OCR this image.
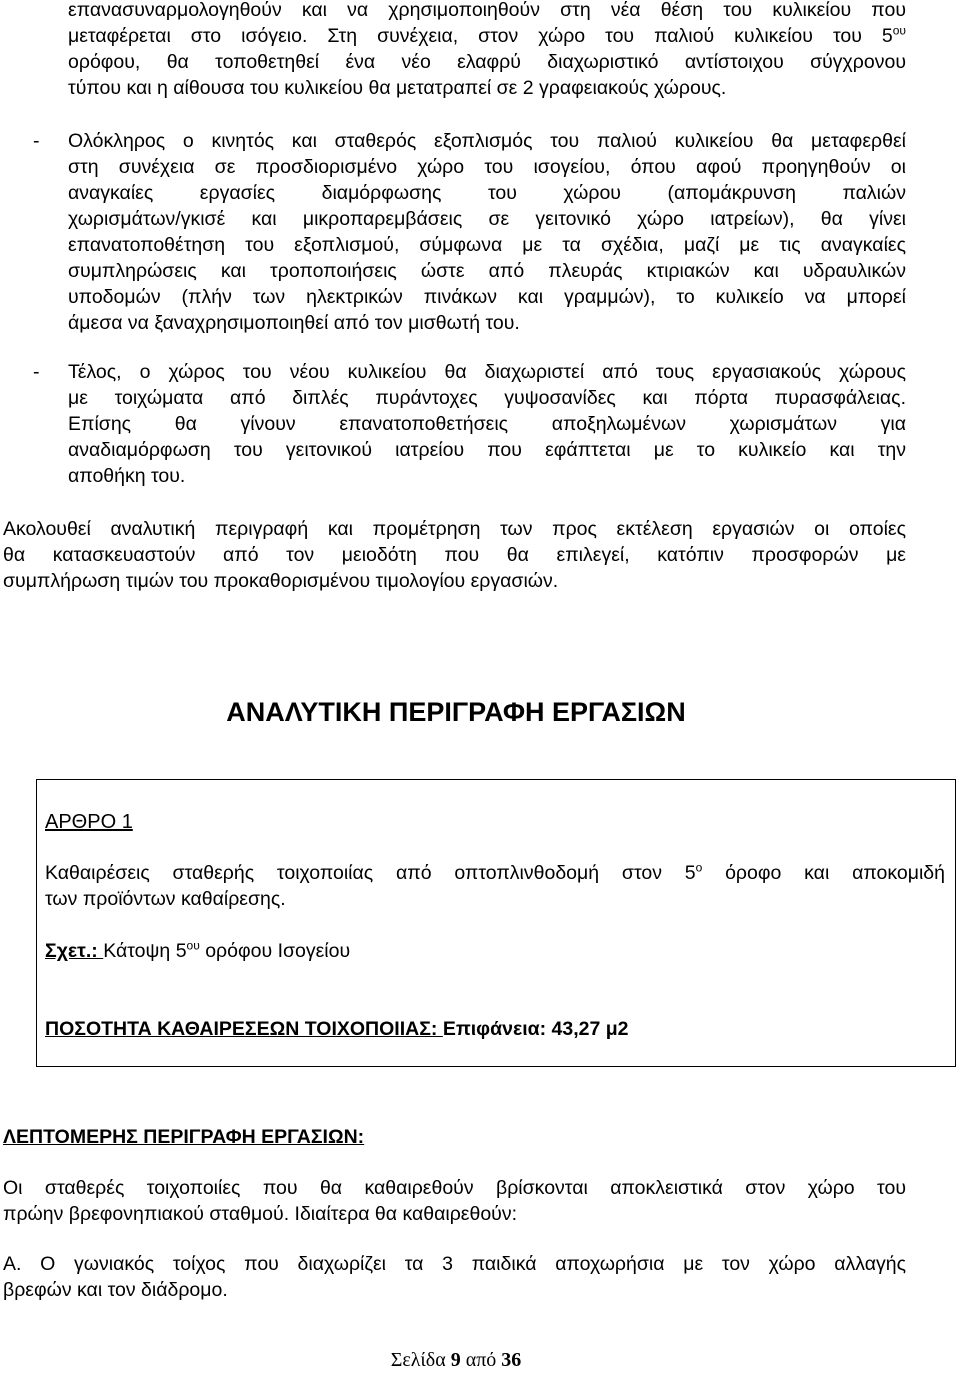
επανασυναρμολογηθούν και να χρησιμοποιηθούν στη νέα θέση του κυλικείου που
μεταφέρεται στο ισόγειο. Στη συνέχεια, στον χώρο του παλιού κυλικείου του $5^{o\upsilon}$
ορόφου, θα τοποθετηθεί ένα νέο ελαφρύ διαχωριστικό αντίστοιχου σύγχρονου
τύπου και η αίθουσα του κυλικείου θα μετατραπεί σε 2 γραφειακούς χώρους.
- Ολόκληρος ο κινητός και σταθερός εξοπλισμός του παλιού κυλικείου θα μεταφερθεί
στη συνέχεια σε προσδιορισμένο χώρο του ισογείου, όπου αφού προηγηθούν οι
αναγκαίες εργασίες διαμόρφωσης του χώρου (απομάκρυνση παλιών
χωρισμάτων/γκισέ και μικροπαρεμβάσεις σε γειτονικό χώρο ιατρείων), θα γίνει
επανατοποθέτηση του εξοπλισμού, σύμφωνα με τα σχέδια, μαζί με τις αναγκαίες
συμπληρώσεις και τροποποιήσεις ώστε από πλευράς κτιριακών και υδραυλικών
υποδομών (πλήν των ηλεκτρικών πινάκων και γραμμών), το κυλικείο να μπορεί
άμεσα να ξαναχρησιμοποιηθεί από τον μισθωτή του.
- Τέλος, ο χώρος του νέου κυλικείου θα διαχωριστεί από τους εργασιακούς χώρους
με τοιχώματα από διπλές πυράντοχες γυψοσανίδες και πόρτα πυρασφάλειας.
Επίσης θα γίνουν επανατοποθετήσεις αποξηλωμένων χωρισμάτων για
αναδιαμόρφωση του γειτονικού ιατρείου που εφάπτεται με το κυλικείο και την
αποθήκη του.
Ακολουθεί αναλυτική περιγραφή και προμέτρηση των προς εκτέλεση εργασιών οι οποίες
θα κατασκευαστούν από τον μειοδότη που θα επιλεγεί, κατόπιν προσφορών με
συμπλήρωση τιμών του προκαθορισμένου τιμολογίου εργασιών.
ΑΝΑΛΥΤΙΚΗ ΠΕΡΙΓΡΑΦΗ ΕΡΓΑΣΙΩΝ
ΑΡΘΡΟ 1
Καθαιρέσεις σταθερής τοιχοποιίας από οπτοπλινθοδομή στον $5^o$ όροφο και αποκομιδή
των προϊόντων καθαίρεσης.
Σχετ.: Κάτοψη $5^{o\upsilon}$ ορόφου Ισογείου
ΠΟΣΟΤΗΤΑ ΚΑΘΑΙΡΕΣΕΩΝ ΤΟΙΧΟΠΟΙΙΑΣ: Επιφάνεια: 43,27 μ2
ΛΕΠΤΟΜΕΡΗΣ ΠΕΡΙΓΡΑΦΗ ΕΡΓΑΣΙΩΝ:
Οι σταθερές τοιχοποιίες που θα καθαιρεθούν βρίσκονται αποκλειστικά στον χώρο του
πρώην βρεφονηπιακού σταθμού. Ιδιαίτερα θα καθαιρεθούν:
Α. Ο γωνιακός τοίχος που διαχωρίζει τα 3 παιδικά αποχωρήσια με τον χώρο αλλαγής
βρεφών και τον διάδρομο.
Σελίδα 9 από 36
